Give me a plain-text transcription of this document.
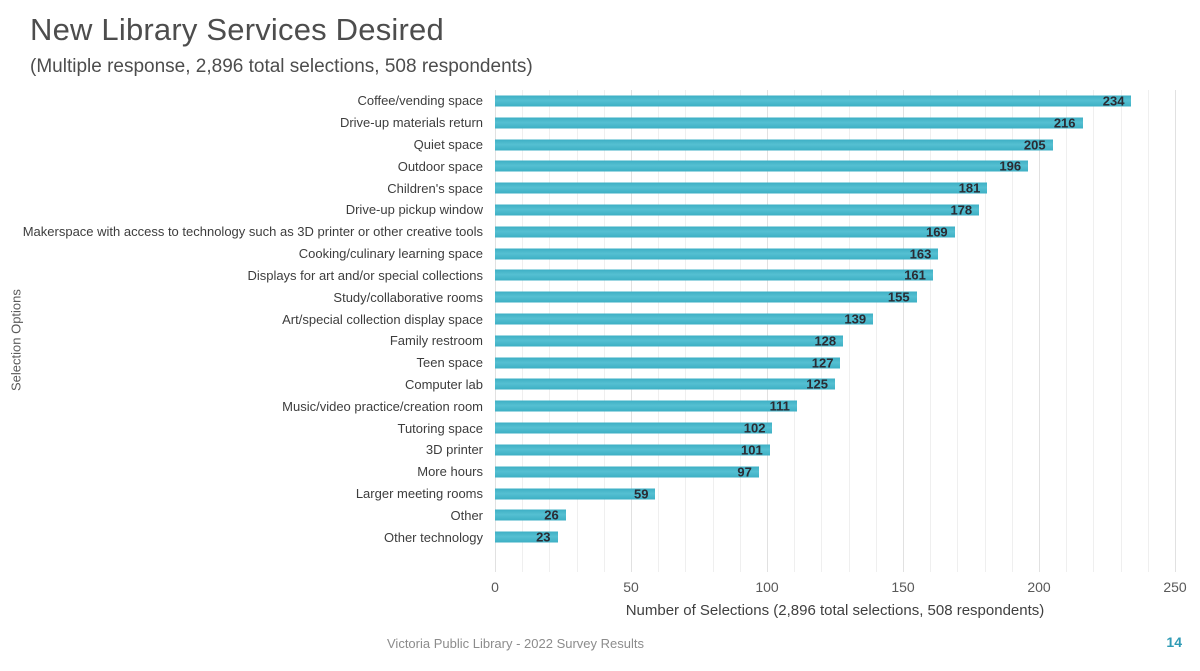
New Library Services Desired
(Multiple response, 2,896 total selections, 508 respondents)
Selection Options
Coffee/vending space	234
Drive-up materials return	216
Quiet space	205
Outdoor space	196
Children's space	181
Drive-up pickup window	178
Makerspace with access to technology such as 3D printer or other creative tools	169
Cooking/culinary learning space	163
Displays for art and/or special collections	161
Study/collaborative rooms	155
Art/special collection display space	139
Family restroom	128
Teen space	127
Computer lab	125
Music/video practice/creation room	111
Tutoring space	102
3D printer	101
More hours	97
Larger meeting rooms	59
Other	26
Other technology	23
0	50	100	150	200	250
Number of Selections (2,896 total selections, 508 respondents)
Victoria Public Library - 2022 Survey Results	14
